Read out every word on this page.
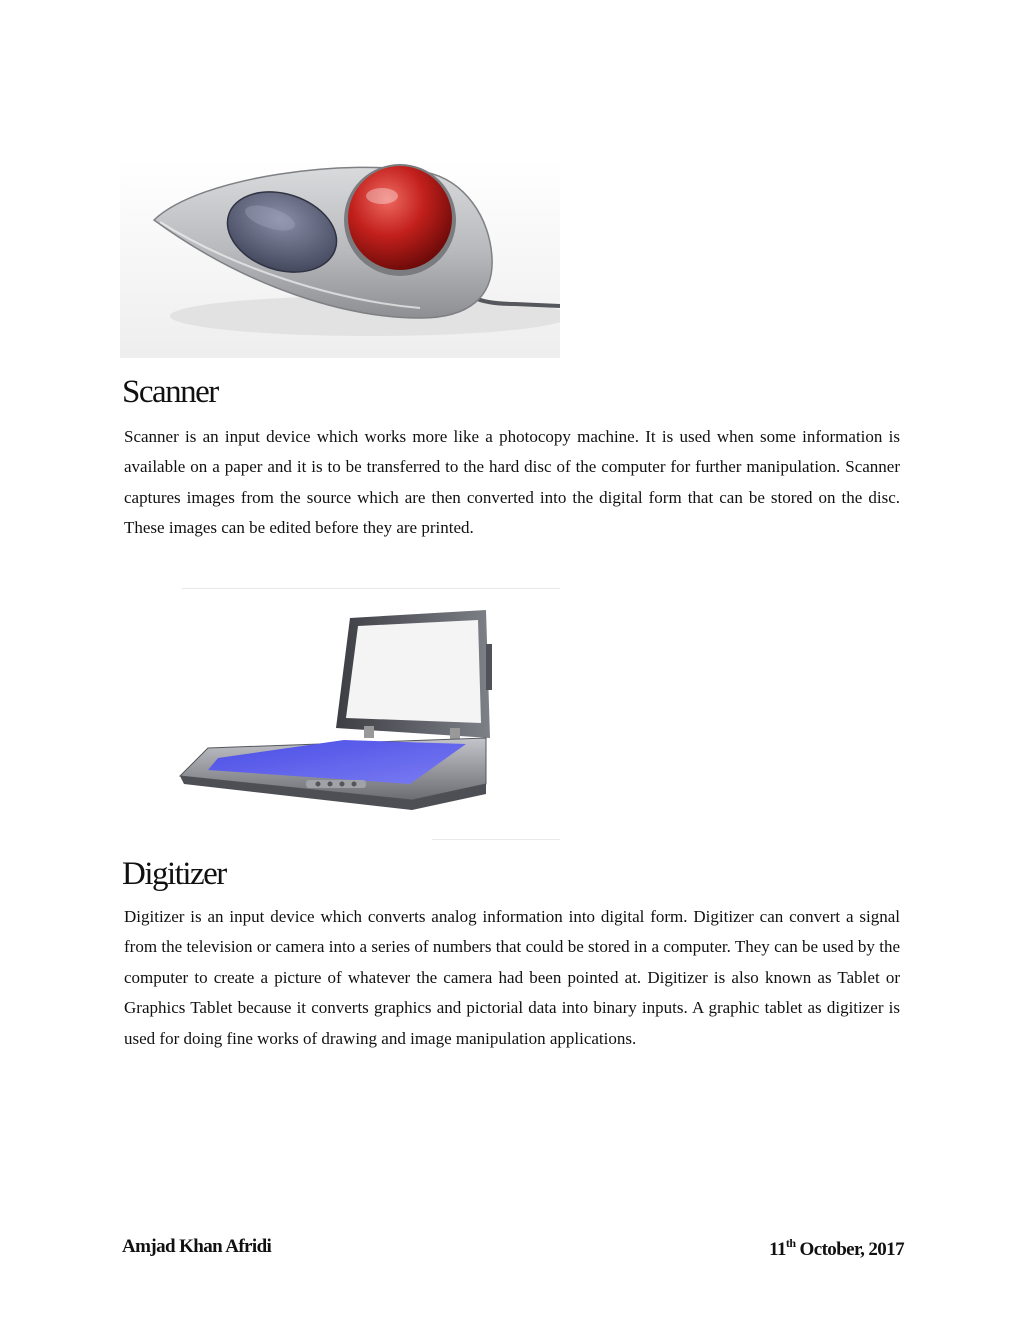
Scanner

Scanner is an input device which works more like a photocopy machine. It is used when some information is available on a paper and it is to be transferred to the hard disc of the computer for further manipulation. Scanner captures images from the source which are then converted into the digital form that can be stored on the disc. These images can be edited before they are printed.

Digitizer

Digitizer is an input device which converts analog information into digital form. Digitizer can convert a signal from the television or camera into a series of numbers that could be stored in a computer. They can be used by the computer to create a picture of whatever the camera had been pointed at. Digitizer is also known as Tablet or Graphics Tablet because it converts graphics and pictorial data into binary inputs. A graphic tablet as digitizer is used for doing fine works of drawing and image manipulation applications.

Amjad Khan Afridi	11th October, 2017
